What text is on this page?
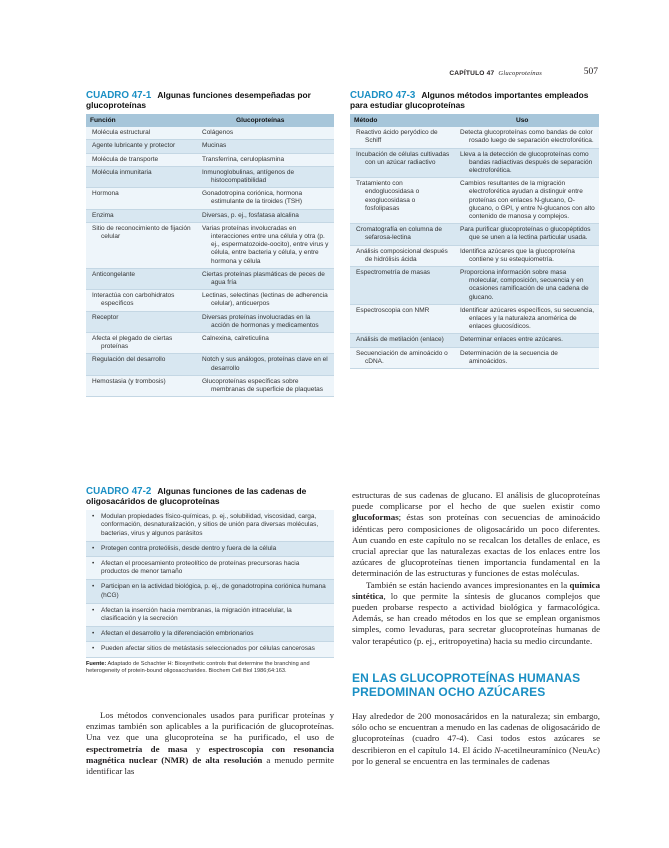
CAPÍTULO 47 Glucoproteínas	507
CUADRO 47-1 Algunas funciones desempeñadas por glucoproteínas
Función	Glucoproteínas

Molécula estructural	Colágenos

Agente lubricante y protector	Mucinas

Molécula de transporte	Transferrina, ceruloplasmina

Molécula inmunitaria	Inmunoglobulinas, antígenos de histocompatibilidad

Hormona	Gonadotropina coriónica, hormona estimulante de la tiroides (TSH)

Enzima	Diversas, p. ej., fosfatasa alcalina

Sitio de reconocimiento de fijación celular	Varias proteínas involucradas en interacciones entre una célula y otra (p. ej., espermatozoide-oocito), entre virus y célula, entre bacteria y célula, y entre hormona y célula

Anticongelante	Ciertas proteínas plasmáticas de peces de agua fría

Interactúa con carbohidratos específicos	Lectinas, selectinas (lectinas de adherencia celular), anticuerpos

Receptor	Diversas proteínas involucradas en la acción de hormonas y medicamentos

Afecta el plegado de ciertas proteínas	Calnexina, calreticulina

Regulación del desarrollo	Notch y sus análogos, proteínas clave en el desarrollo

Hemostasia (y trombosis)	Glucoproteínas específicas sobre membranas de superficie de plaquetas
CUADRO 47-3 Algunos métodos importantes empleados para estudiar glucoproteínas
Método	Uso

Reactivo ácido peryódico de Schiff	Detecta glucoproteínas como bandas de color rosado luego de separación electroforética.

Incubación de células cultivadas con un azúcar radiactivo	Lleva a la detección de glucoproteínas como bandas radiactivas después de separación electroforética.

Tratamiento con endoglucosidasa o exoglucosidasa o fosfolipasas	Cambios resultantes de la migración electroforética ayudan a distinguir entre proteínas con enlaces N-glucano, O-glucano, o GPI, y entre N-glucanos con alto contenido de manosa y complejos.

Cromatografía en columna de sefarosa-lectina	Para purificar glucoproteínas o glucopéptidos que se unen a la lectina particular usada.

Análisis composicional después de hidrólisis ácida	Identifica azúcares que la glucoproteína contiene y su estequiometría.

Espectrometría de masas	Proporciona información sobre masa molecular, composición, secuencia y en ocasiones ramificación de una cadena de glucano.

Espectroscopia con NMR	Identificar azúcares específicos, su secuencia, enlaces y la naturaleza anomérica de enlaces glucosídicos.

Análisis de metilación (enlace)	Determinar enlaces entre azúcares.

Secuenciación de aminoácido o cDNA.	Determinación de la secuencia de aminoácidos.
CUADRO 47-2 Algunas funciones de las cadenas de oligosacáridos de glucoproteínas
• Modulan propiedades físico-químicas, p. ej., solubilidad, viscosidad, carga, conformación, desnaturalización, y sitios de unión para diversas moléculas, bacterias, virus y algunos parásitos
• Protegen contra proteólisis, desde dentro y fuera de la célula
• Afectan el procesamiento proteolítico de proteínas precursoras hacia productos de menor tamaño
• Participan en la actividad biológica, p. ej., de gonadotropina coriónica humana (hCG)
• Afectan la inserción hacia membranas, la migración intracelular, la clasificación y la secreción
• Afectan el desarrollo y la diferenciación embrionarios
• Pueden afectar sitios de metástasis seleccionados por células cancerosas
Fuente: Adaptado de Schachter H: Biosynthetic controls that determine the branching and heterogeneity of protein-bound oligosaccharides. Biochem Cell Biol 1986;64:163.

Los métodos convencionales usados para purificar proteínas y enzimas también son aplicables a la purificación de glucoproteínas. Una vez que una glucoproteína se ha purificado, el uso de espectrometría de masa y espectroscopia con resonancia magnética nuclear (NMR) de alta resolución a menudo permite identificar las

estructuras de sus cadenas de glucano. El análisis de glucoproteínas puede complicarse por el hecho de que suelen existir como glucoformas; éstas son proteínas con secuencias de aminoácido idénticas pero composiciones de oligosacárido un poco diferentes. Aun cuando en este capítulo no se recalcan los detalles de enlace, es crucial apreciar que las naturalezas exactas de los enlaces entre los azúcares de glucoproteínas tienen importancia fundamental en la determinación de las estructuras y funciones de estas moléculas.

También se están haciendo avances impresionantes en la química sintética, lo que permite la síntesis de glucanos complejos que pueden probarse respecto a actividad biológica y farmacológica. Además, se han creado métodos en los que se emplean organismos simples, como levaduras, para secretar glucoproteínas humanas de valor terapéutico (p. ej., eritropoyetina) hacia su medio circundante.

EN LAS GLUCOPROTEÍNAS HUMANAS PREDOMINAN OCHO AZÚCARES

Hay alrededor de 200 monosacáridos en la naturaleza; sin embargo, sólo ocho se encuentran a menudo en las cadenas de oligosacárido de glucoproteínas (cuadro 47-4). Casi todos estos azúcares se describieron en el capítulo 14. El ácido N-acetilneuramínico (NeuAc) por lo general se encuentra en las terminales de cadenas
